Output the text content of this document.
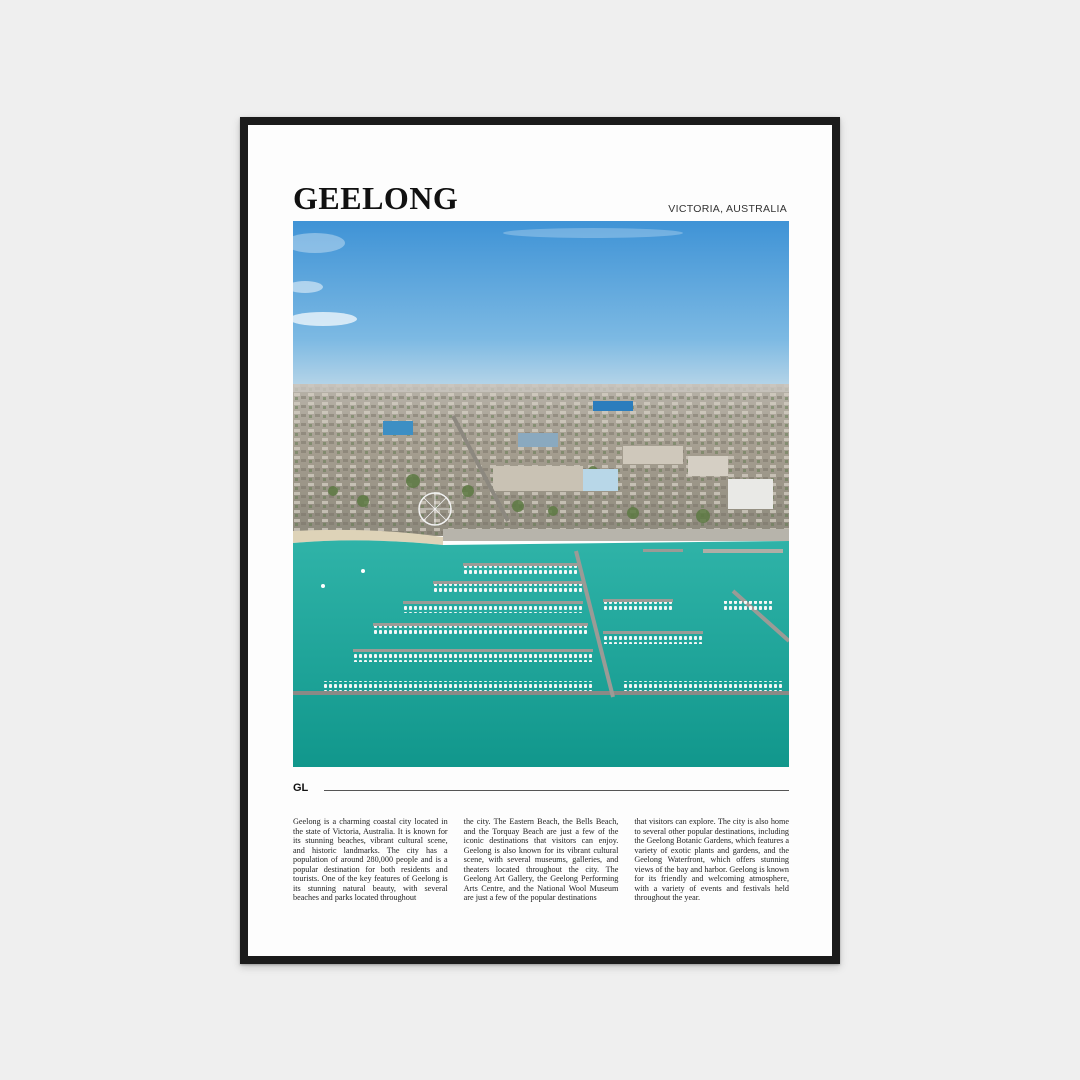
GEELONG	VICTORIA, AUSTRALIA
GL

Geelong is a charming coastal city located in the state of Victoria, Australia. It is known for its stunning beaches, vibrant cultural scene, and historic landmarks. The city has a population of around 280,000 people and is a popular destination for both residents and tourists. One of the key features of Geelong is its stunning natural beauty, with several beaches and parks located throughout

the city. The Eastern Beach, the Bells Beach, and the Torquay Beach are just a few of the iconic destinations that visitors can enjoy. Geelong is also known for its vibrant cultural scene, with several museums, galleries, and theaters located throughout the city. The Geelong Art Gallery, the Geelong Performing Arts Centre, and the National Wool Museum are just a few of the popular destinations

that visitors can explore. The city is also home to several other popular destinations, including the Geelong Botanic Gardens, which features a variety of exotic plants and gardens, and the Geelong Waterfront, which offers stunning views of the bay and harbor. Geelong is known for its friendly and welcoming atmosphere, with a variety of events and festivals held throughout the year.
